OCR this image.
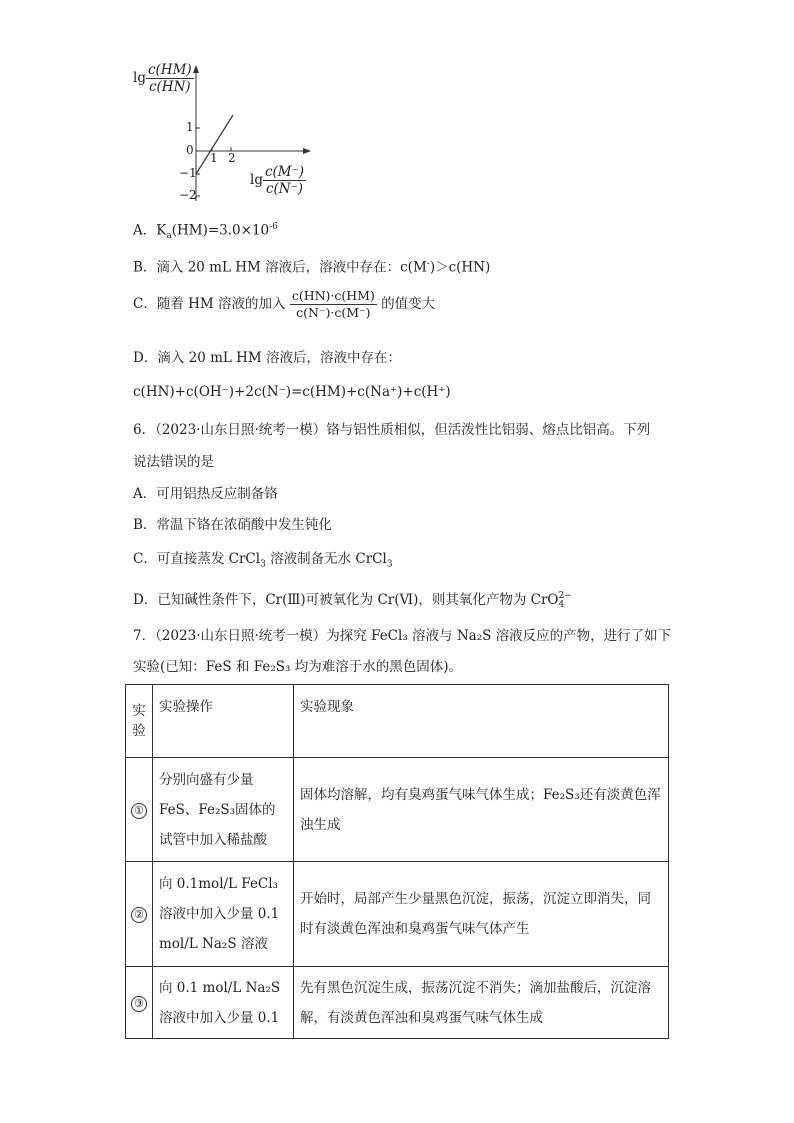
$\lg \frac{c(HM)}{c(HN)}$
1
0
−1
−2
1 2
$\lg \frac{c(M^-)}{c(N^-)}$
A．$K_a(HM)=3.0\times 10^{-6}$
B．滴入 20 mL HM 溶液后，溶液中存在：c(M-)＞c(HN)
C．随着 HM 溶液的加入 $\frac{c(HN)\cdot c(HM)}{c(N^-)\cdot c(M^-)}$ 的值变大
D．滴入 20 mL HM 溶液后，溶液中存在：
c(HN)+c(OH⁻)+2c(N⁻)=c(HM)+c(Na⁺)+c(H⁺)
6．（2023·山东日照·统考一模）铬与铝性质相似，但活泼性比铝弱、熔点比铝高。下列
说法错误的是
A．可用铝热反应制备铬
B．常温下铬在浓硝酸中发生钝化
C．可直接蒸发 CrCl$_3$ 溶液制备无水 CrCl$_3$
D．已知碱性条件下，Cr(Ⅲ)可被氧化为 Cr(Ⅵ)，则其氧化产物为 CrO 2−
4
7．（2023·山东日照·统考一模）为探究 FeCl₃ 溶液与 Na₂S 溶液反应的产物，进行了如下
实验(已知：FeS 和 Fe₂S₃ 均为难溶于水的黑色固体)。
实验	实验操作	实验现象
①	分别向盛有少量FeS、Fe₂S₃固体的试管中加入稀盐酸	固体均溶解，均有臭鸡蛋气味气体生成；Fe₂S₃还有淡黄色浑浊生成
②	向 0.1mol/L FeCl₃ 溶液中加入少量 0.1 mol/L Na₂S 溶液	开始时，局部产生少量黑色沉淀，振荡，沉淀立即消失，同时有淡黄色浑浊和臭鸡蛋气味气体产生
③	向 0.1 mol/L Na₂S 溶液中加入少量 0.1	先有黑色沉淀生成，振荡沉淀不消失；滴加盐酸后，沉淀溶解，有淡黄色浑浊和臭鸡蛋气味气体生成
